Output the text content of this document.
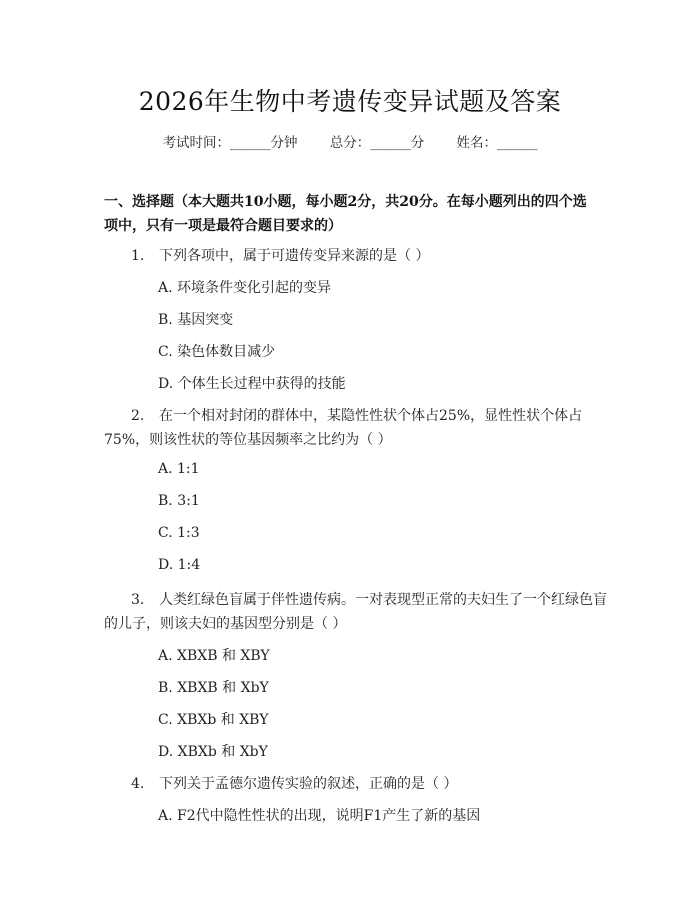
2026年生物中考遗传变异试题及答案
考试时间：______分钟 总分：______分 姓名：______
一、选择题（本大题共10小题，每小题2分，共20分。在每小题列出的四个选
项中，只有一项是最符合题目要求的）
1. 下列各项中，属于可遗传变异来源的是（ ）
A. 环境条件变化引起的变异
B. 基因突变
C. 染色体数目减少
D. 个体生长过程中获得的技能
2. 在一个相对封闭的群体中，某隐性性状个体占25%，显性性状个体占
75%，则该性状的等位基因频率之比约为（ ）
A. 1:1
B. 3:1
C. 1:3
D. 1:4
3. 人类红绿色盲属于伴性遗传病。一对表现型正常的夫妇生了一个红绿色盲
的儿子，则该夫妇的基因型分别是（ ）
A. XBXB 和 XBY
B. XBXB 和 XbY
C. XBXb 和 XBY
D. XBXb 和 XbY
4. 下列关于孟德尔遗传实验的叙述，正确的是（ ）
A. F2代中隐性性状的出现，说明F1产生了新的基因
